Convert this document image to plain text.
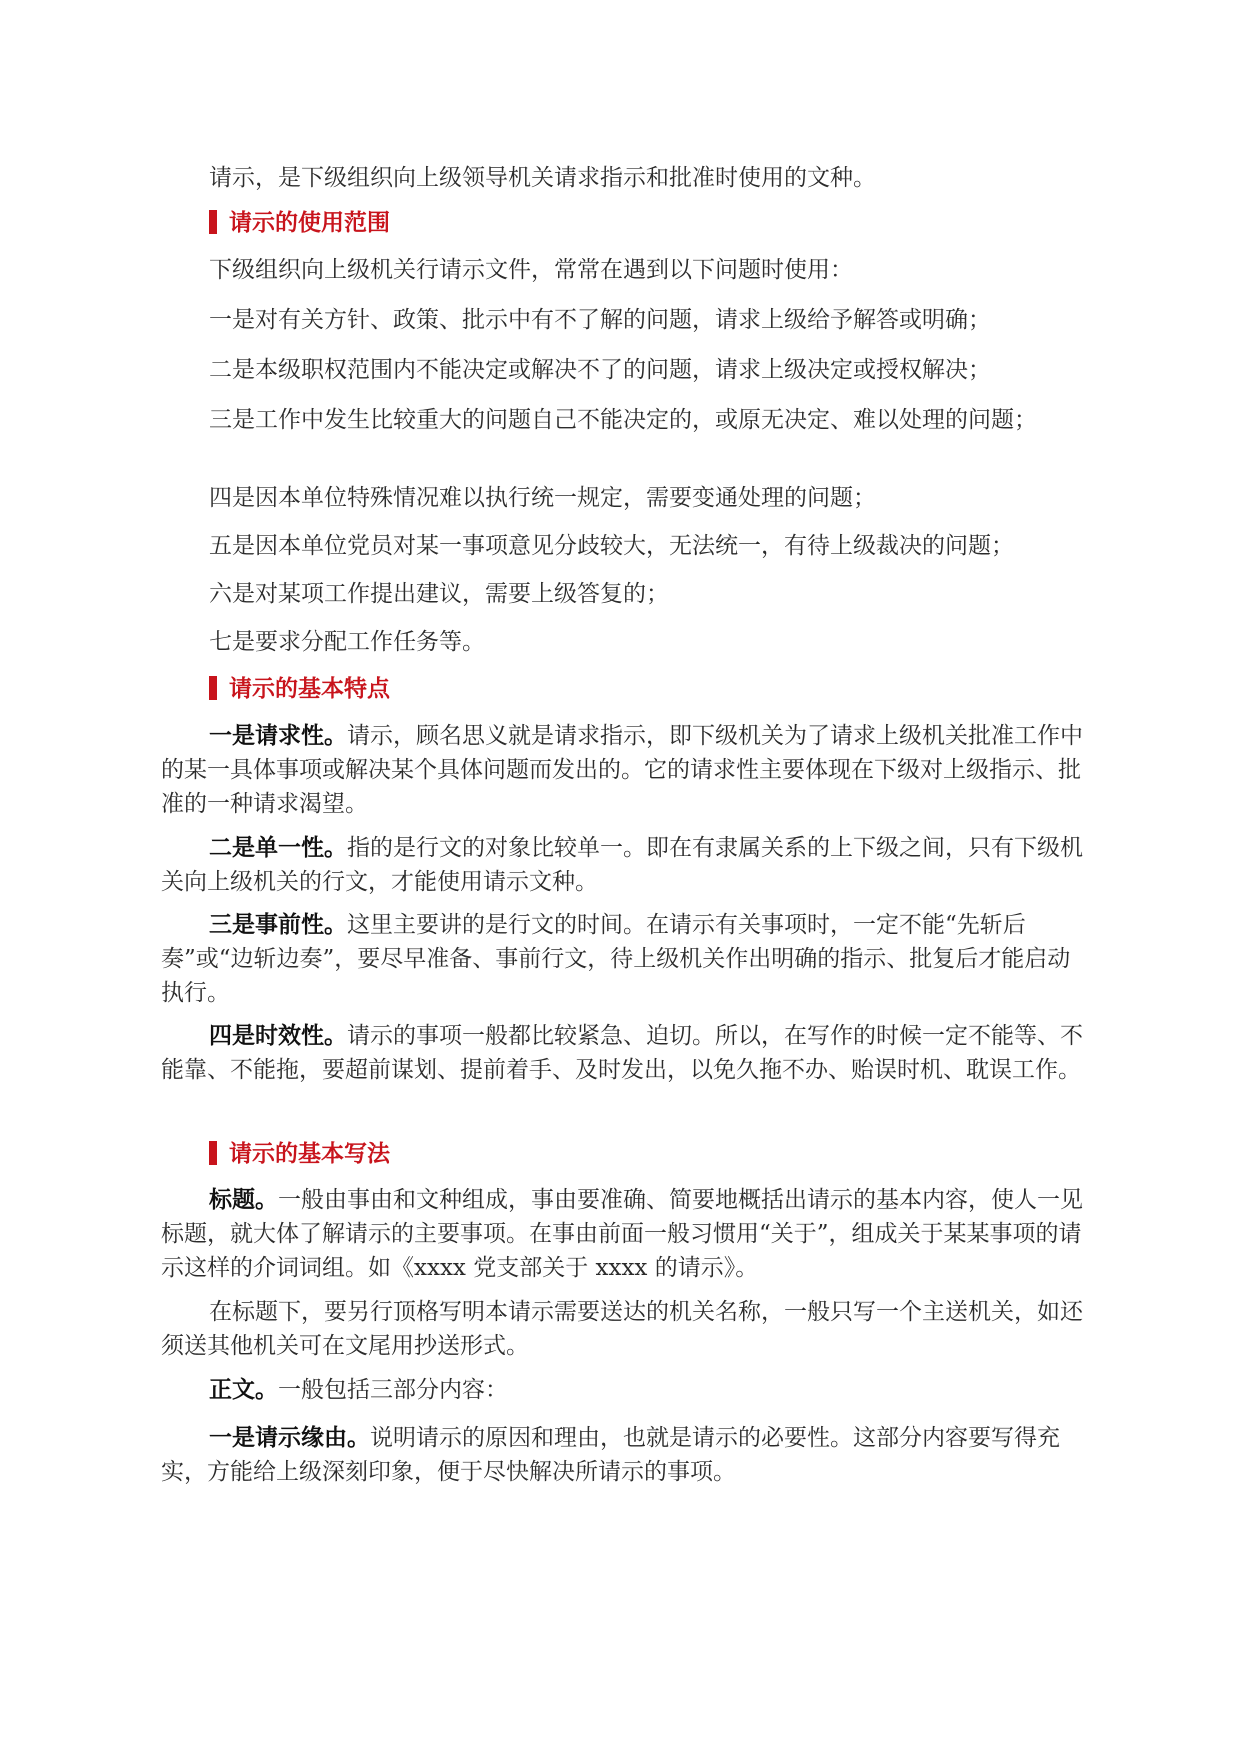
请示，是下级组织向上级领导机关请求指示和批准时使用的文种。

请示的使用范围

下级组织向上级机关行请示文件，常常在遇到以下问题时使用：

一是对有关方针、政策、批示中有不了解的问题，请求上级给予解答或明确；

二是本级职权范围内不能决定或解决不了的问题，请求上级决定或授权解决；

三是工作中发生比较重大的问题自己不能决定的，或原无决定、难以处理的问题；

四是因本单位特殊情况难以执行统一规定，需要变通处理的问题；

五是因本单位党员对某一事项意见分歧较大，无法统一，有待上级裁决的问题；

六是对某项工作提出建议，需要上级答复的；

七是要求分配工作任务等。

请示的基本特点

一是请求性。请示，顾名思义就是请求指示，即下级机关为了请求上级机关批准工作中的某一具体事项或解决某个具体问题而发出的。它的请求性主要体现在下级对上级指示、批准的一种请求渴望。

二是单一性。指的是行文的对象比较单一。即在有隶属关系的上下级之间，只有下级机关向上级机关的行文，才能使用请示文种。

三是事前性。这里主要讲的是行文的时间。在请示有关事项时，一定不能“先斩后奏”或“边斩边奏”，要尽早准备、事前行文，待上级机关作出明确的指示、批复后才能启动执行。

四是时效性。请示的事项一般都比较紧急、迫切。所以，在写作的时候一定不能等、不能靠、不能拖，要超前谋划、提前着手、及时发出，以免久拖不办、贻误时机、耽误工作。

请示的基本写法

标题。一般由事由和文种组成，事由要准确、简要地概括出请示的基本内容，使人一见标题，就大体了解请示的主要事项。在事由前面一般习惯用“关于”，组成关于某某事项的请示这样的介词词组。如《xxxx 党支部关于 xxxx 的请示》。

在标题下，要另行顶格写明本请示需要送达的机关名称，一般只写一个主送机关，如还须送其他机关可在文尾用抄送形式。

正文。一般包括三部分内容：

一是请示缘由。说明请示的原因和理由，也就是请示的必要性。这部分内容要写得充实，方能给上级深刻印象，便于尽快解决所请示的事项。
